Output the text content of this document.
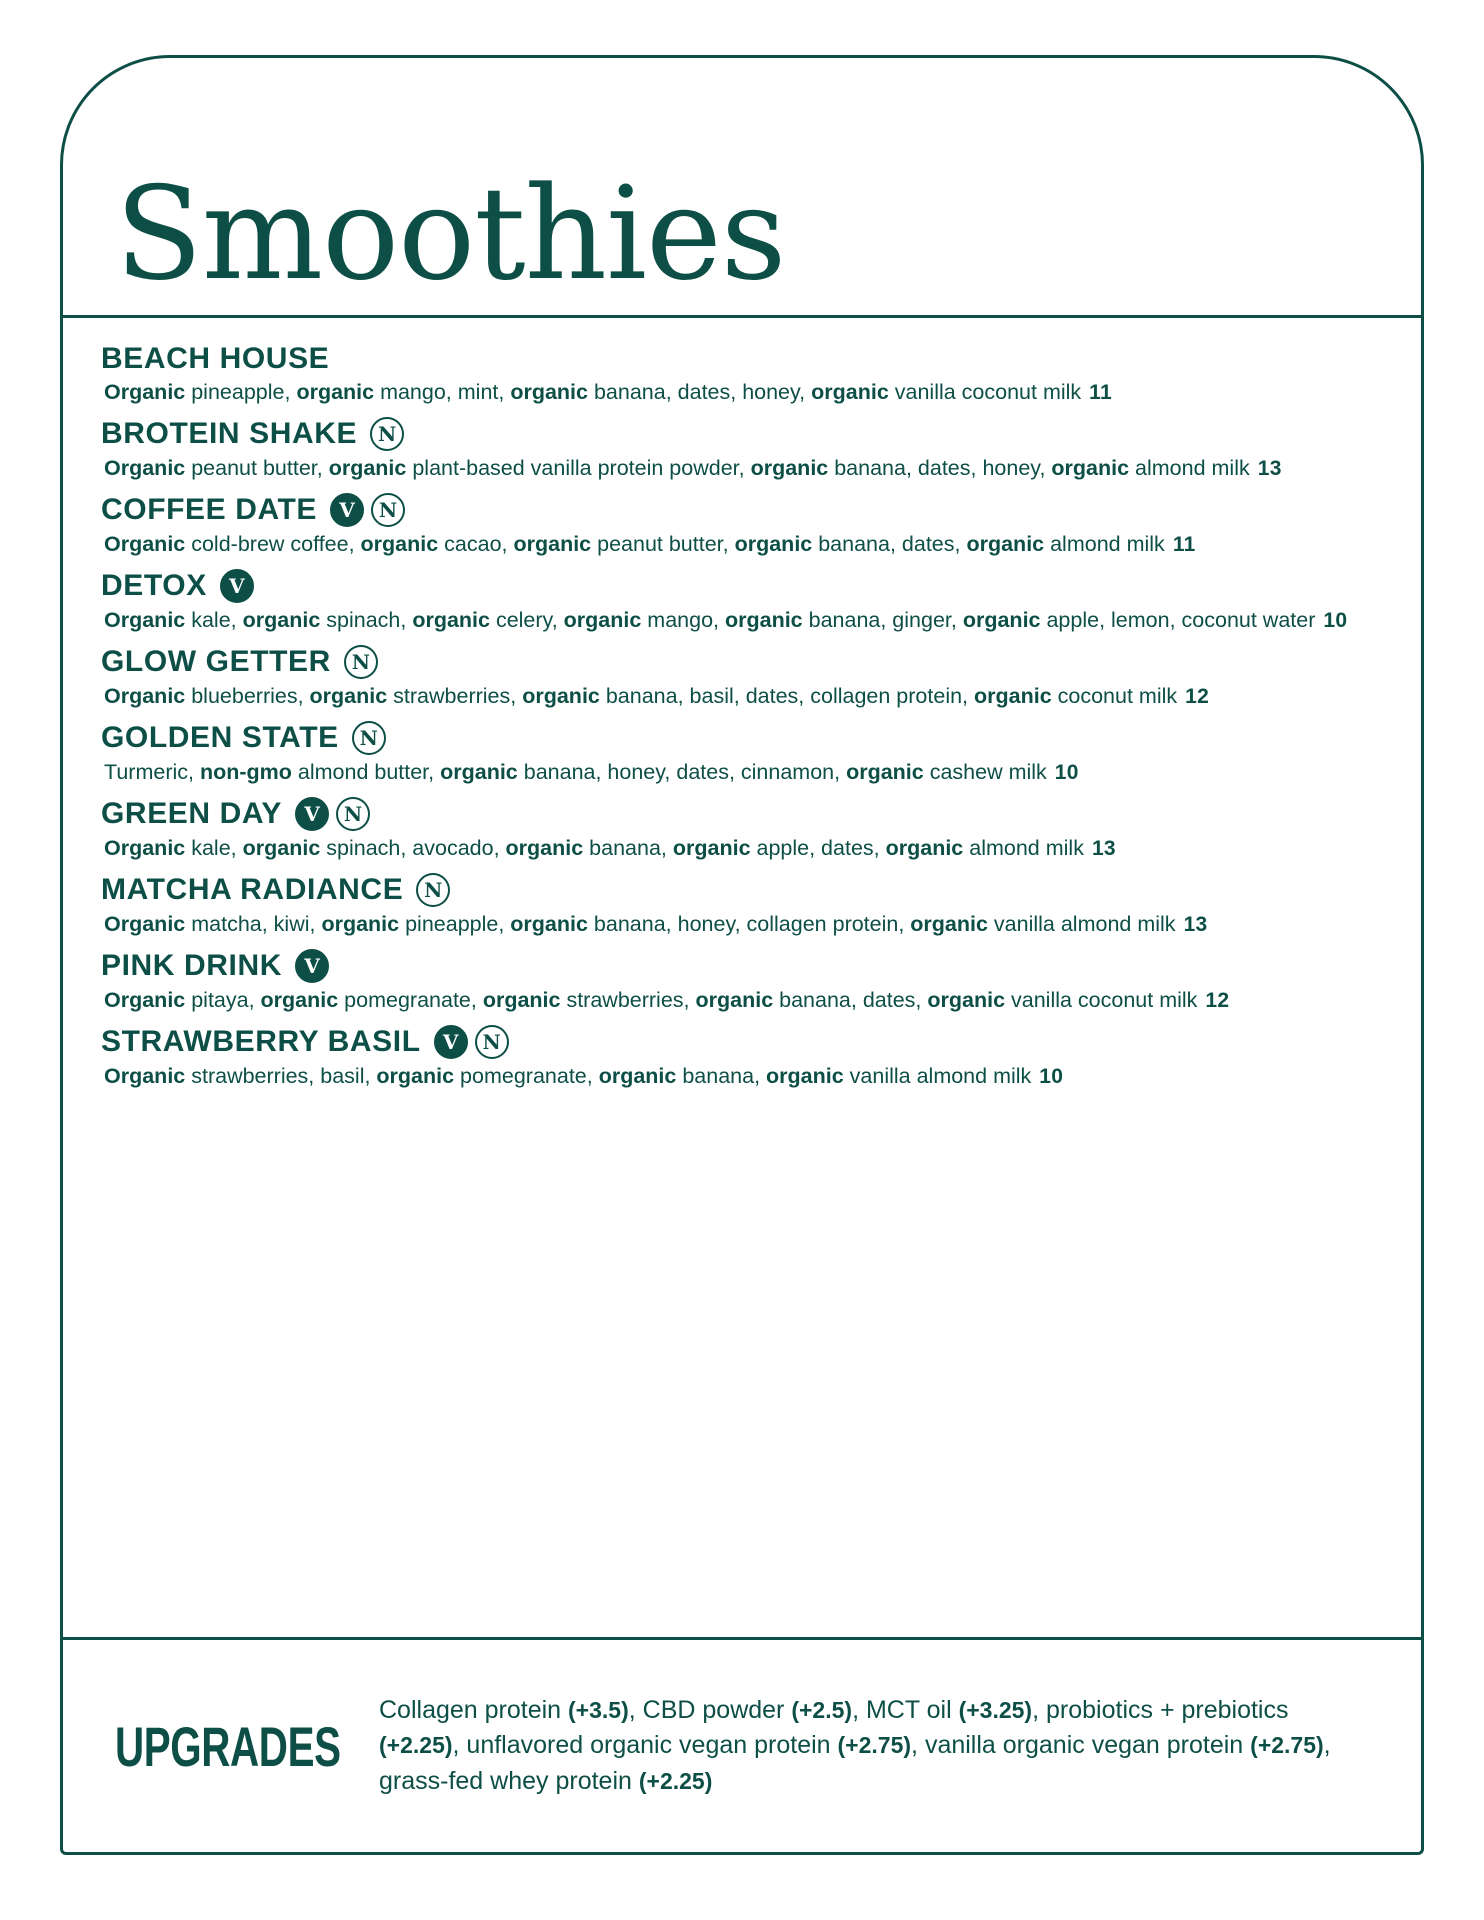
Smoothies
BEACH HOUSE
Organic pineapple, organic mango, mint, organic banana, dates, honey, organic vanilla coconut milk 11
BROTEIN SHAKE	N
Organic peanut butter, organic plant-based vanilla protein powder, organic banana, dates, honey, organic almond milk 13
COFFEE DATE	V	N
Organic cold-brew coffee, organic cacao, organic peanut butter, organic banana, dates, organic almond milk 11
DETOX	V
Organic kale, organic spinach, organic celery, organic mango, organic banana, ginger, organic apple, lemon, coconut water 10
GLOW GETTER	N
Organic blueberries, organic strawberries, organic banana, basil, dates, collagen protein, organic coconut milk 12
GOLDEN STATE	N
Turmeric, non-gmo almond butter, organic banana, honey, dates, cinnamon, organic cashew milk 10
GREEN DAY	V	N
Organic kale, organic spinach, avocado, organic banana, organic apple, dates, organic almond milk 13
MATCHA RADIANCE	N
Organic matcha, kiwi, organic pineapple, organic banana, honey, collagen protein, organic vanilla almond milk 13
PINK DRINK	V
Organic pitaya, organic pomegranate, organic strawberries, organic banana, dates, organic vanilla coconut milk 12
STRAWBERRY BASIL	V	N
Organic strawberries, basil, organic pomegranate, organic banana, organic vanilla almond milk 10
UPGRADES
Collagen protein (+3.5), CBD powder (+2.5), MCT oil (+3.25), probiotics + prebiotics (+2.25), unflavored organic vegan protein (+2.75), vanilla organic vegan protein (+2.75), grass-fed whey protein (+2.25)
